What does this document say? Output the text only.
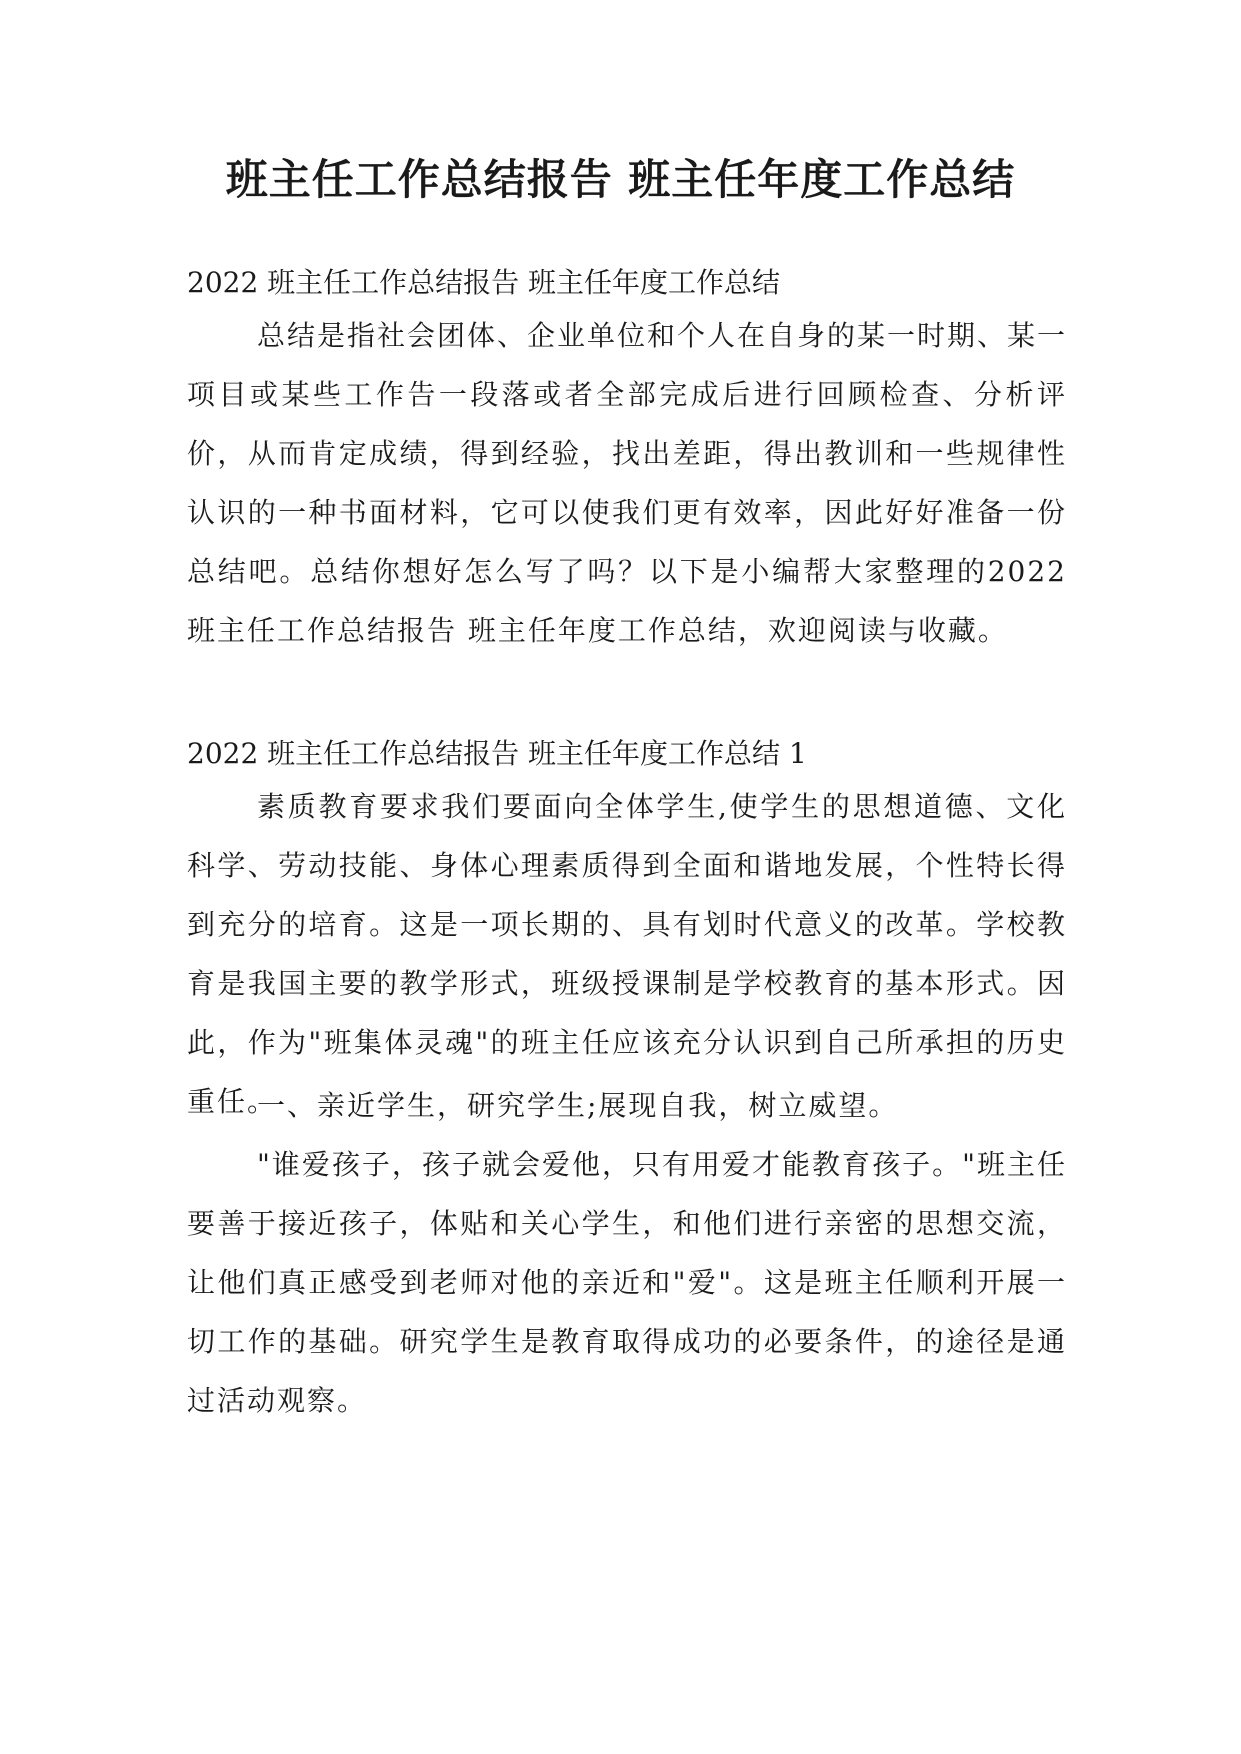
班主任工作总结报告 班主任年度工作总结
2022 班主任工作总结报告 班主任年度工作总结

总结是指社会团体、企业单位和个人在自身的某一时期、某一项目或某些工作告一段落或者全部完成后进行回顾检查、分析评价，从而肯定成绩，得到经验，找出差距，得出教训和一些规律性认识的一种书面材料，它可以使我们更有效率，因此好好准备一份总结吧。总结你想好怎么写了吗？以下是小编帮大家整理的2022 班主任工作总结报告 班主任年度工作总结，欢迎阅读与收藏。

2022 班主任工作总结报告 班主任年度工作总结 1

素质教育要求我们要面向全体学生,使学生的思想道德、文化科学、劳动技能、身体心理素质得到全面和谐地发展，个性特长得到充分的培育。这是一项长期的、具有划时代意义的改革。学校教育是我国主要的教学形式，班级授课制是学校教育的基本形式。因此，作为"班集体灵魂"的班主任应该充分认识到自己所承担的历史重任。

一、亲近学生，研究学生;展现自我，树立威望。

"谁爱孩子，孩子就会爱他，只有用爱才能教育孩子。"班主任要善于接近孩子，体贴和关心学生，和他们进行亲密的思想交流，让他们真正感受到老师对他的亲近和"爱"。这是班主任顺利开展一切工作的基础。研究学生是教育取得成功的必要条件，的途径是通过活动观察。
